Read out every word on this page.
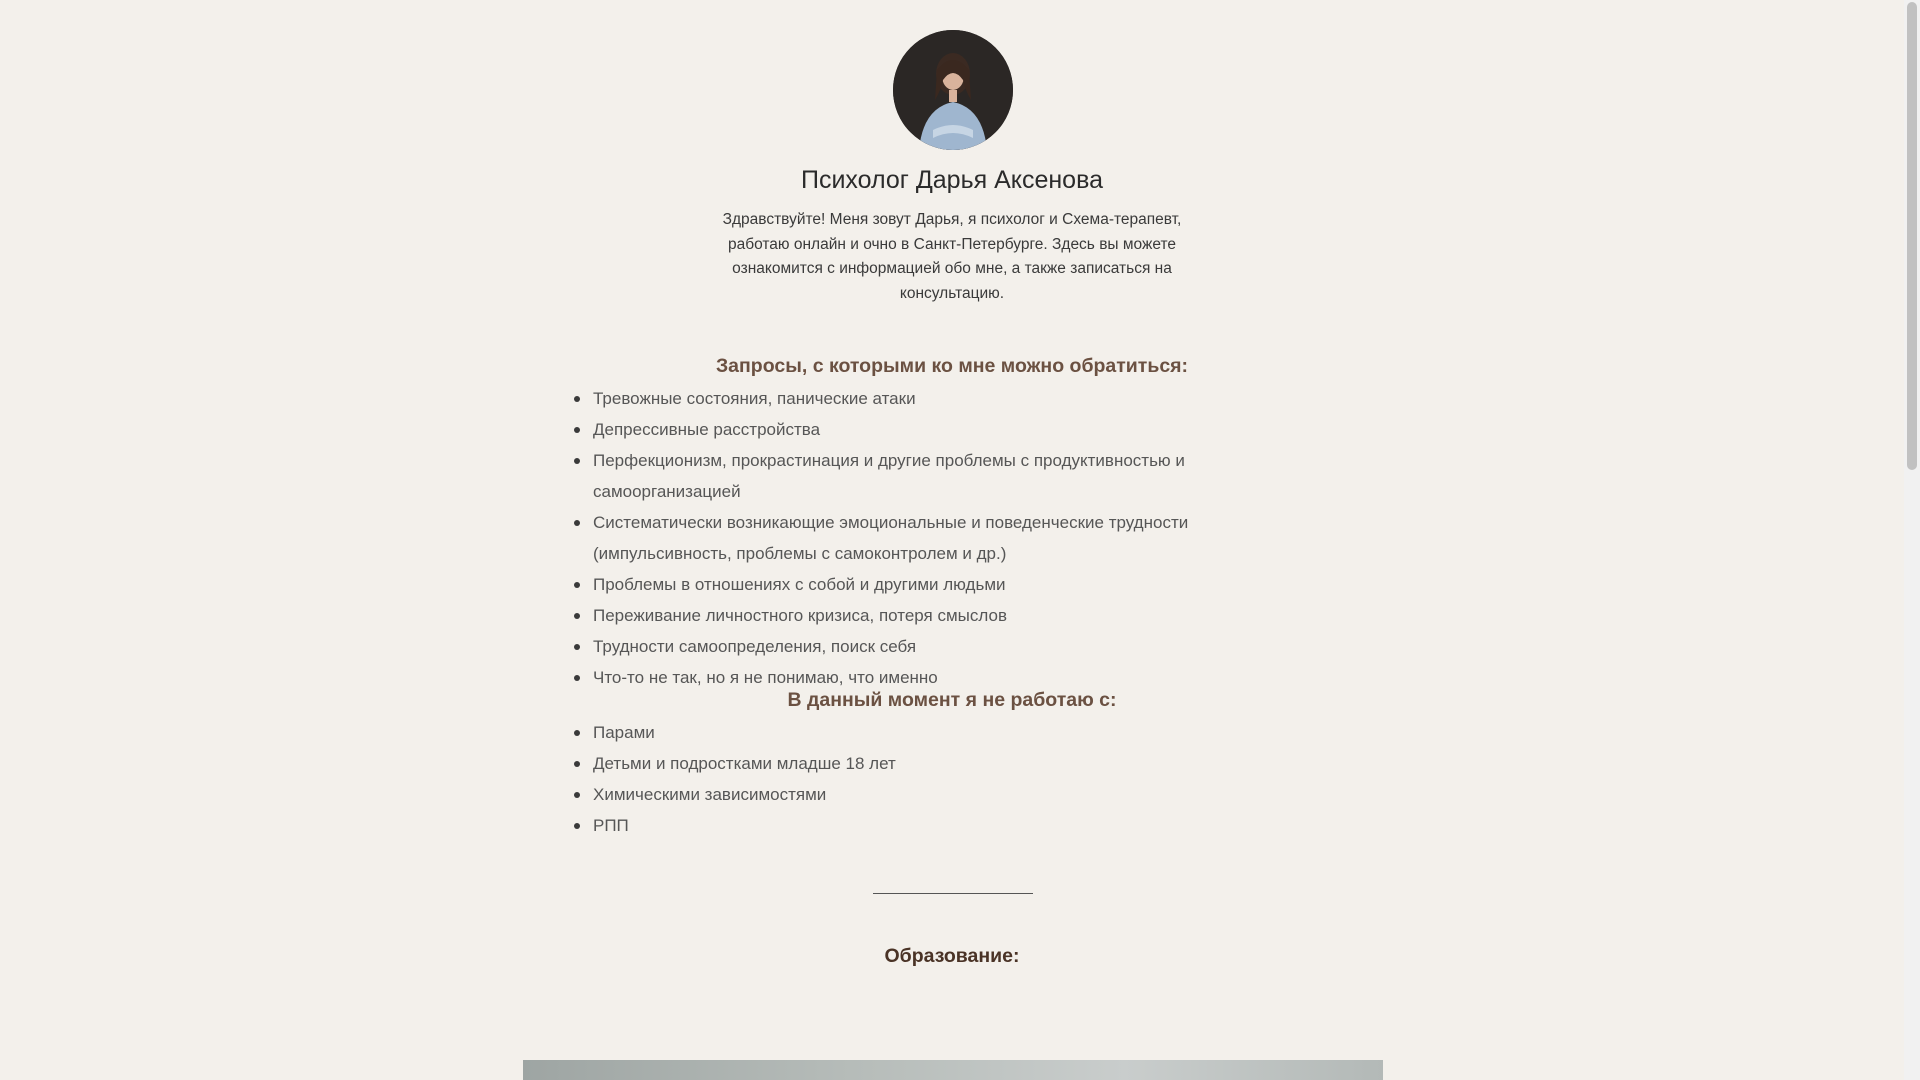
Психолог Дарья Аксенова

Здравствуйте! Меня зовут Дарья, я психолог и Схема-терапевт, работаю онлайн и очно в Санкт-Петербурге. Здесь вы можете ознакомится с информацией обо мне, а также записаться на консультацию.

Запросы, с которыми ко мне можно обратиться:
Тревожные состояния, панические атаки
Депрессивные расстройства
Перфекционизм, прокрастинация и другие проблемы с продуктивностью и самоорганизацией
Систематически возникающие эмоциональные и поведенческие трудности (импульсивность, проблемы с самоконтролем и др.)
Проблемы в отношениях с собой и другими людьми
Переживание личностного кризиса, потеря смыслов
Трудности самоопределения, поиск себя
Что-то не так, но я не понимаю, что именно
В данный момент я не работаю с:
Парами
Детьми и подростками младше 18 лет
Химическими зависимостями
РПП
Образование:
